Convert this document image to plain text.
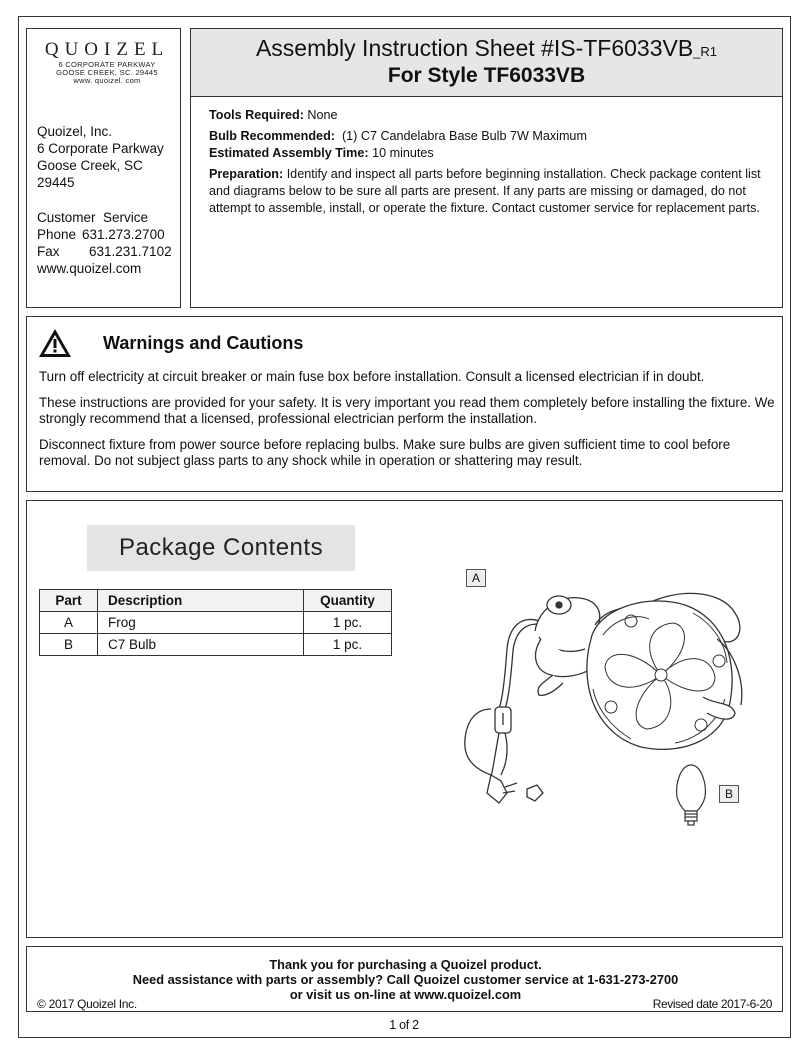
QUOIZEL
6 CORPORATE PARKWAY
GOOSE CREEK, SC. 29445
www. quoizel. com
Quoizel, Inc.
6 Corporate Parkway
Goose Creek, SC
29445
Customer  Service
Phone 631.273.2700
Fax	631.231.7102
www.quoizel.com
Assembly Instruction Sheet #IS-TF6033VB_R1
For Style TF6033VB

Tools Required: None

Bulb Recommended: (1) C7 Candelabra Base Bulb 7W Maximum

Estimated Assembly Time: 10 minutes

Preparation: Identify and inspect all parts before beginning installation. Check package content list and diagrams below to be sure all parts are present. If any parts are missing or damaged, do not attempt to assemble, install, or operate the fixture. Contact customer service for replacement parts.

Warnings and Cautions

Turn off electricity at circuit breaker or main fuse box before installation. Consult a licensed electrician if in doubt.

These instructions are provided for your safety. It is very important you read them completely before installing the fixture. We strongly recommend that a licensed, professional electrician perform the installation.

Disconnect fixture from power source before replacing bulbs. Make sure bulbs are given sufficient time to cool before removal. Do not subject glass parts to any shock while in operation or shattering may result.

Package Contents
Part	Description	Quantity
A	Frog	1 pc.
B	C7 Bulb	1 pc.
A
B
Thank you for purchasing a Quoizel product.
Need assistance with parts or assembly? Call Quoizel customer service at 1-631-273-2700
or visit us on-line at www.quoizel.com
© 2017 Quoizel Inc.	Revised date 2017-6-20
1 of 2
